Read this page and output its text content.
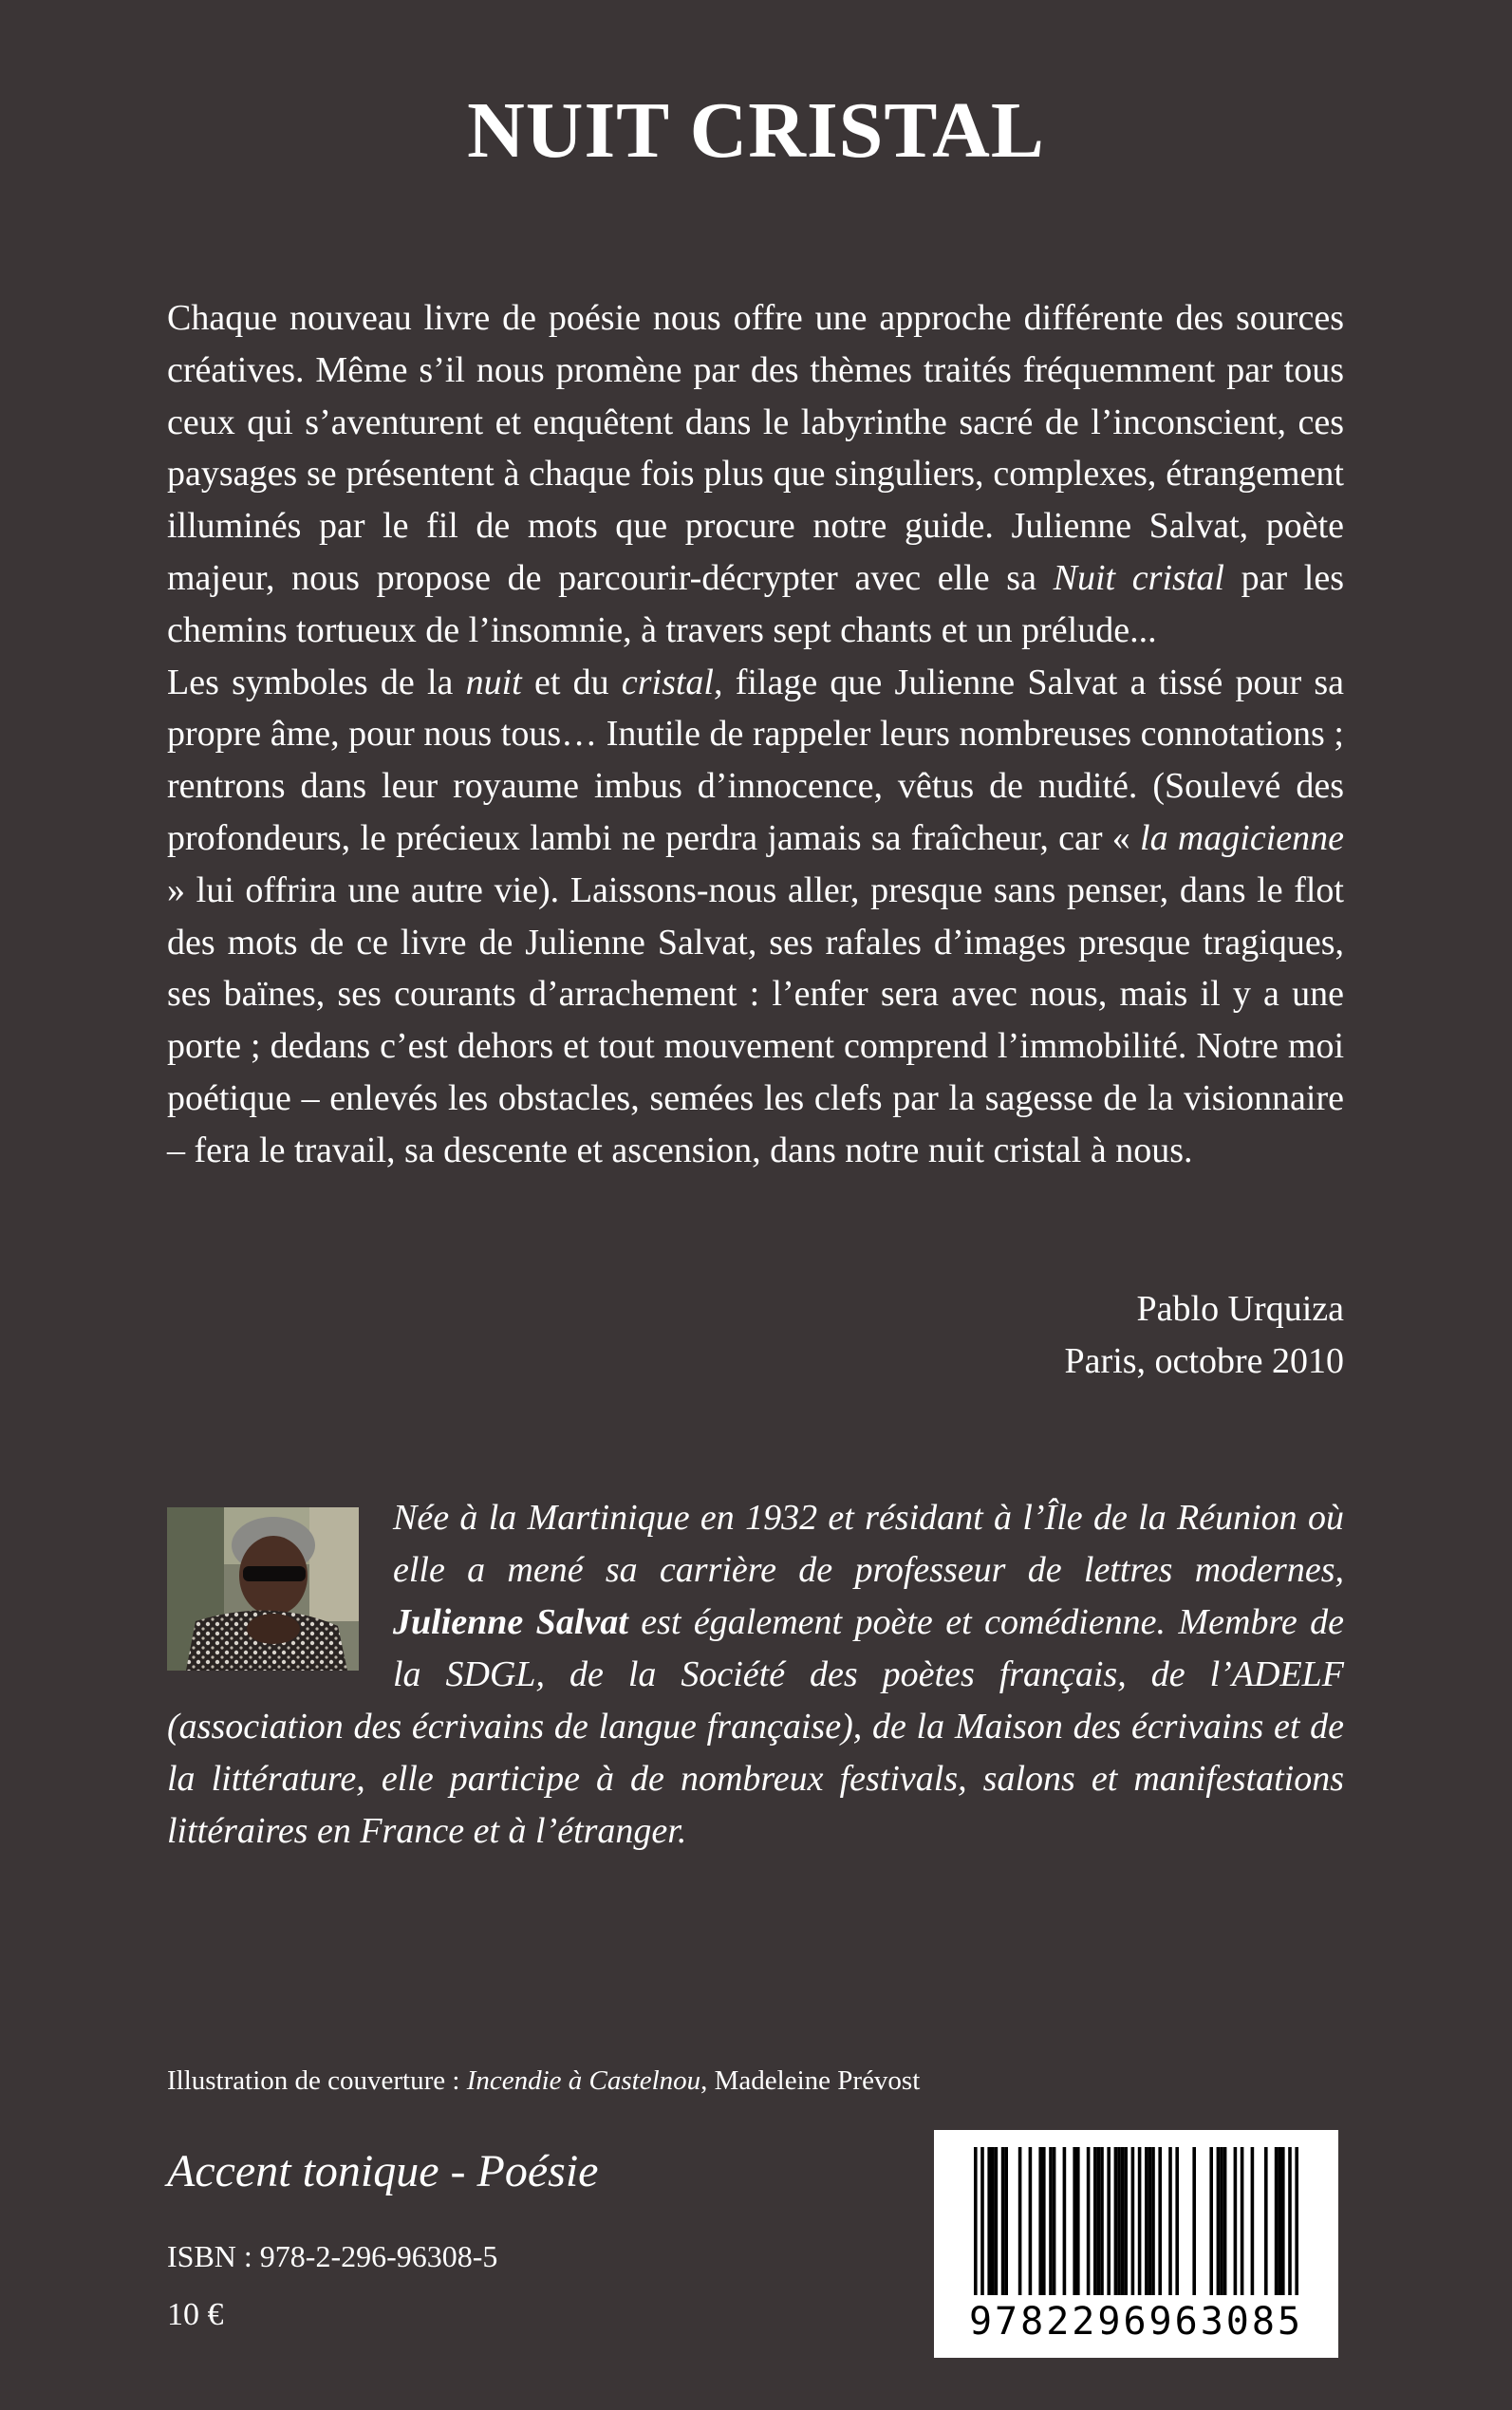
NUIT CRISTAL

Chaque nouveau livre de poésie nous offre une approche différente des sources créatives. Même s’il nous promène par des thèmes traités fréquemment par tous ceux qui s’aventurent et enquêtent dans le labyrinthe sacré de l’inconscient, ces paysages se présentent à chaque fois plus que singuliers, complexes, étrangement illuminés par le fil de mots que procure notre guide. Julienne Salvat, poète majeur, nous propose de parcourir-décrypter avec elle sa Nuit cristal par les chemins tortueux de l’insomnie, à travers sept chants et un prélude...

Les symboles de la nuit et du cristal, filage que Julienne Salvat a tissé pour sa propre âme, pour nous tous… Inutile de rappeler leurs nombreuses connotations ; rentrons dans leur royaume imbus d’innocence, vêtus de nudité. (Soulevé des profondeurs, le précieux lambi ne perdra jamais sa fraîcheur, car « la magicienne » lui offrira une autre vie). Laissons-nous aller, presque sans penser, dans le flot des mots de ce livre de Julienne Salvat, ses rafales d’images presque tragiques, ses baïnes, ses courants d’arrachement : l’enfer sera avec nous, mais il y a une porte ; dedans c’est dehors et tout mouvement comprend l’immobilité. Notre moi poétique – enlevés les obstacles, semées les clefs par la sagesse de la visionnaire – fera le travail, sa descente et ascension, dans notre nuit cristal à nous.

Pablo Urquiza
Paris, octobre 2010
Née à la Martinique en 1932 et résidant à l’Île de la Réunion où elle a mené sa carrière de professeur de lettres modernes, Julienne Salvat est également poète et comédienne. Membre de la SDGL, de la Société des poètes français, de l’ADELF (association des écrivains de langue française), de la Maison des écrivains et de la littérature, elle participe à de nombreux festivals, salons et manifestations littéraires en France et à l’étranger.
Illustration de couverture : Incendie à Castelnou, Madeleine Prévost
Accent tonique - Poésie
ISBN : 978-2-296-96308-5
10 €	9782296963085
